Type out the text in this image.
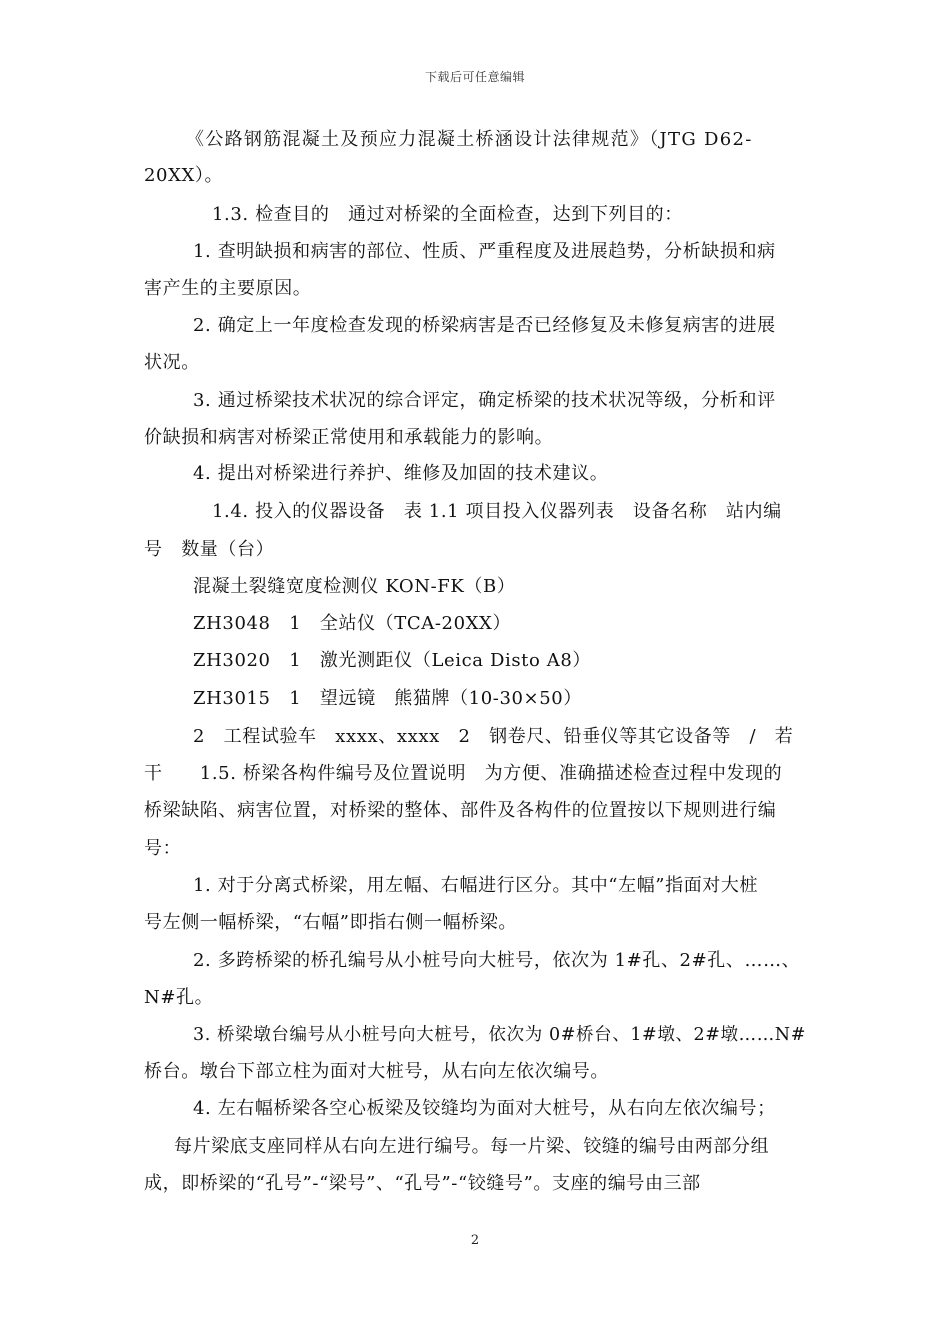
下载后可任意编辑
《公路钢筋混凝土及预应力混凝土桥涵设计法律规范》（JTG D62-
20XX）。
1.3. 检查目的　通过对桥梁的全面检查，达到下列目的：
1. 查明缺损和病害的部位、性质、严重程度及进展趋势，分析缺损和病
害产生的主要原因。
2. 确定上一年度检查发现的桥梁病害是否已经修复及未修复病害的进展
状况。
3. 通过桥梁技术状况的综合评定，确定桥梁的技术状况等级，分析和评
价缺损和病害对桥梁正常使用和承载能力的影响。
4. 提出对桥梁进行养护、维修及加固的技术建议。
1.4. 投入的仪器设备　表 1.1 项目投入仪器列表　设备名称　站内编
号　数量（台）
混凝土裂缝宽度检测仪 KON-FK（B）
ZH3048　1　全站仪（TCA-20XX）
ZH3020　1　激光测距仪（Leica Disto A8）
ZH3015　1　望远镜　熊猫牌（10-30×50）
2　工程试验车　xxxx、xxxx　2　钢卷尺、铅垂仪等其它设备等　/　若
干　　1.5. 桥梁各构件编号及位置说明　为方便、准确描述检查过程中发现的
桥梁缺陷、病害位置，对桥梁的整体、部件及各构件的位置按以下规则进行编
号：
1. 对于分离式桥梁，用左幅、右幅进行区分。其中“左幅”指面对大桩
号左侧一幅桥梁，“右幅”即指右侧一幅桥梁。
2. 多跨桥梁的桥孔编号从小桩号向大桩号，依次为 1#孔、2#孔、……、
N#孔。
3. 桥梁墩台编号从小桩号向大桩号，依次为 0#桥台、1#墩、2#墩……N#
桥台。墩台下部立柱为面对大桩号，从右向左依次编号。
4. 左右幅桥梁各空心板梁及铰缝均为面对大桩号，从右向左依次编号；
每片梁底支座同样从右向左进行编号。每一片梁、铰缝的编号由两部分组
成，即桥梁的“孔号”-“梁号”、“孔号”-“铰缝号”。支座的编号由三部
2
